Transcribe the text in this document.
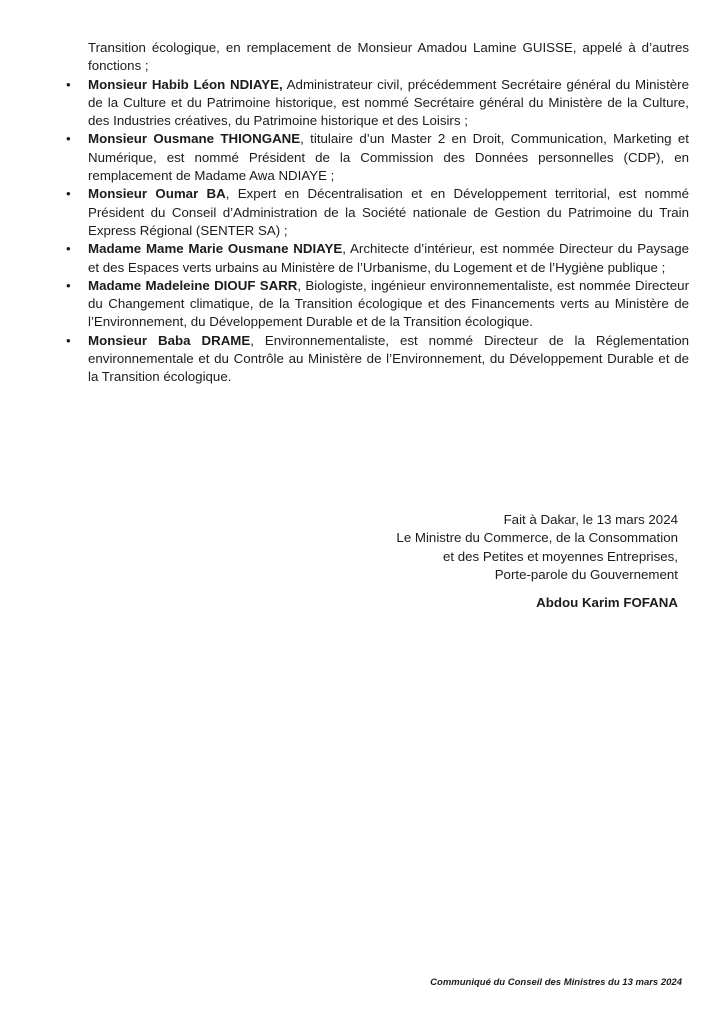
Transition écologique, en remplacement de Monsieur Amadou Lamine GUISSE, appelé à d’autres fonctions ;

• Monsieur Habib Léon NDIAYE, Administrateur civil, précédemment Secrétaire général du Ministère de la Culture et du Patrimoine historique, est nommé Secrétaire général du Ministère de la Culture, des Industries créatives, du Patrimoine historique et des Loisirs ;
• Monsieur Ousmane THIONGANE, titulaire d’un Master 2 en Droit, Communication, Marketing et Numérique, est nommé Président de la Commission des Données personnelles (CDP), en remplacement de Madame Awa NDIAYE ;
• Monsieur Oumar BA, Expert en Décentralisation et en Développement territorial, est nommé Président du Conseil d’Administration de la Société nationale de Gestion du Patrimoine du Train Express Régional (SENTER SA) ;
• Madame Mame Marie Ousmane NDIAYE, Architecte d’intérieur, est nommée Directeur du Paysage et des Espaces verts urbains au Ministère de l’Urbanisme, du Logement et de l’Hygiène publique ;
• Madame Madeleine DIOUF SARR, Biologiste, ingénieur environnementaliste, est nommée Directeur du Changement climatique, de la Transition écologique et des Financements verts au Ministère de l’Environnement, du Développement Durable et de la Transition écologique.
• Monsieur Baba DRAME, Environnementaliste, est nommé Directeur de la Réglementation environnementale et du Contrôle au Ministère de l’Environnement, du Développement Durable et de la Transition écologique.
Fait à Dakar, le 13 mars 2024
Le Ministre du Commerce, de la Consommation
et des Petites et moyennes Entreprises,
Porte-parole du Gouvernement
Abdou Karim FOFANA
Communiqué du Conseil des Ministres du 13 mars 2024
